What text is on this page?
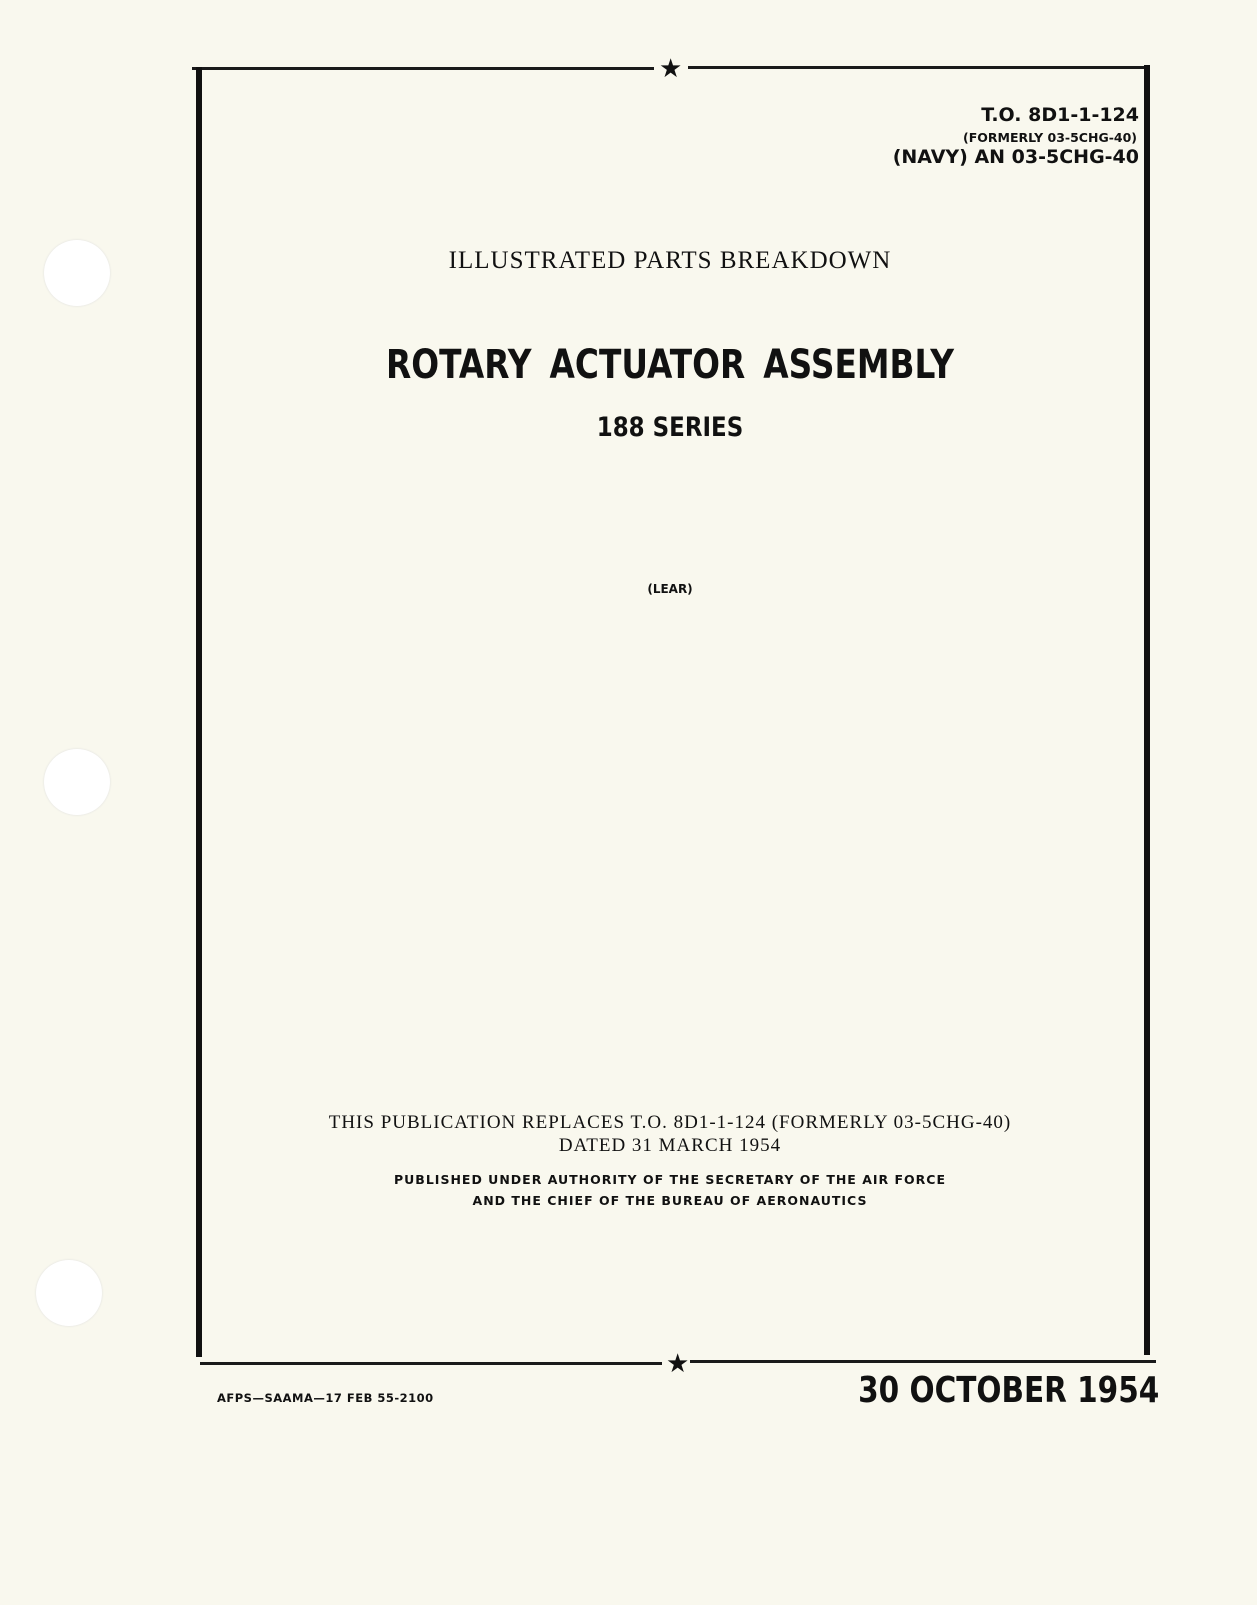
★
★
T.O. 8D1-1-124
(FORMERLY 03-5CHG-40)
(NAVY) AN 03-5CHG-40
ILLUSTRATED PARTS BREAKDOWN
ROTARY ACTUATOR ASSEMBLY
188 SERIES
(LEAR)
THIS PUBLICATION REPLACES T.O. 8D1-1-124 (FORMERLY 03-5CHG-40)
DATED 31 MARCH 1954
PUBLISHED UNDER AUTHORITY OF THE SECRETARY OF THE AIR FORCE
AND THE CHIEF OF THE BUREAU OF AERONAUTICS
AFPS—SAAMA—17 FEB 55-2100	30 OCTOBER 1954
